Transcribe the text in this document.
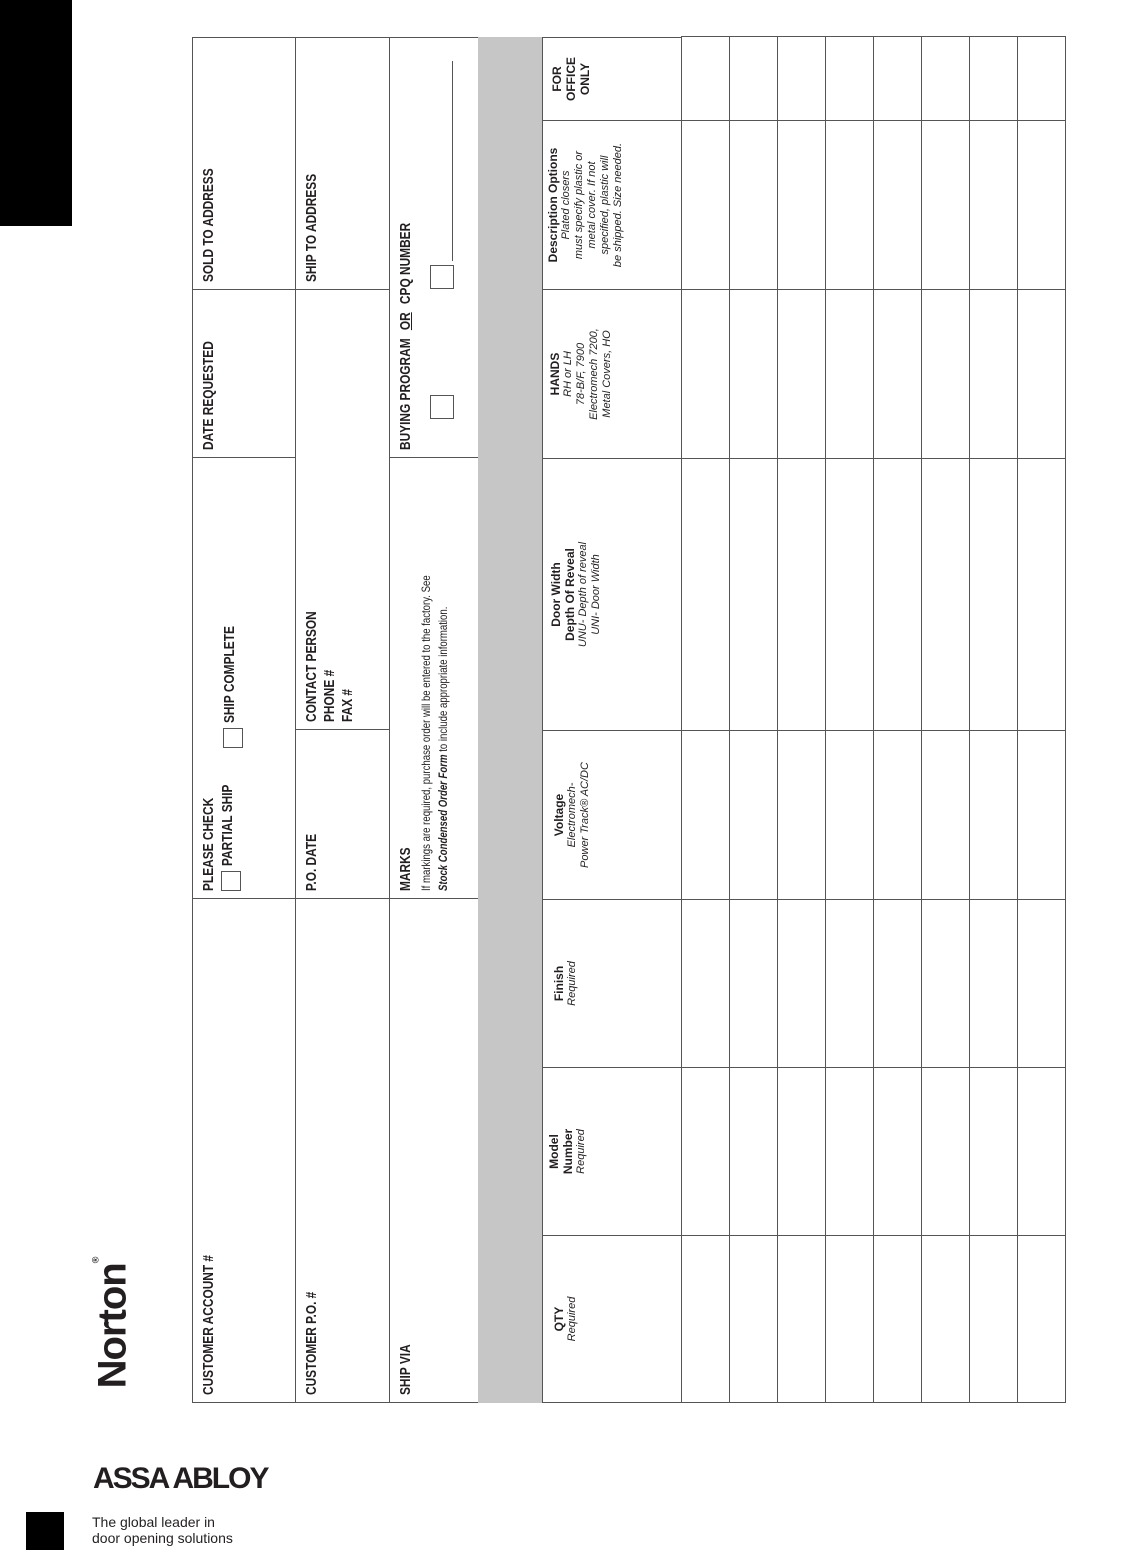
Norton®
ASSA ABLOY
The global leader in
door opening solutions
CUSTOMER ACCOUNT #
PLEASE CHECK PARTIAL SHIP
SHIP COMPLETE
DATE REQUESTED
SOLD TO ADDRESS
CUSTOMER P.O. #
P.O. DATE
CONTACT PERSON PHONE # FAX #
SHIP TO ADDRESS
SHIP VIA
MARKS If markings are required, purchase order will be entered to the factory. See Stock Condensed Order Form to include appropriate information.
BUYING PROGRAM OR CPQ NUMBER
QTY Required
Model Number Required
Finish Required
Voltage Electromech- Power Track® AC/DC
Door Width Depth Of Reveal UNU- Depth of reveal UNI- Door Width
HANDS RH or LH 78-B/F, 7900 Electromech 7200, Metal Covers, HO
Description Options Plated closers must specify plastic or metal cover. If not specified, plastic will be shipped. Size needed.
FOR OFFICE ONLY
